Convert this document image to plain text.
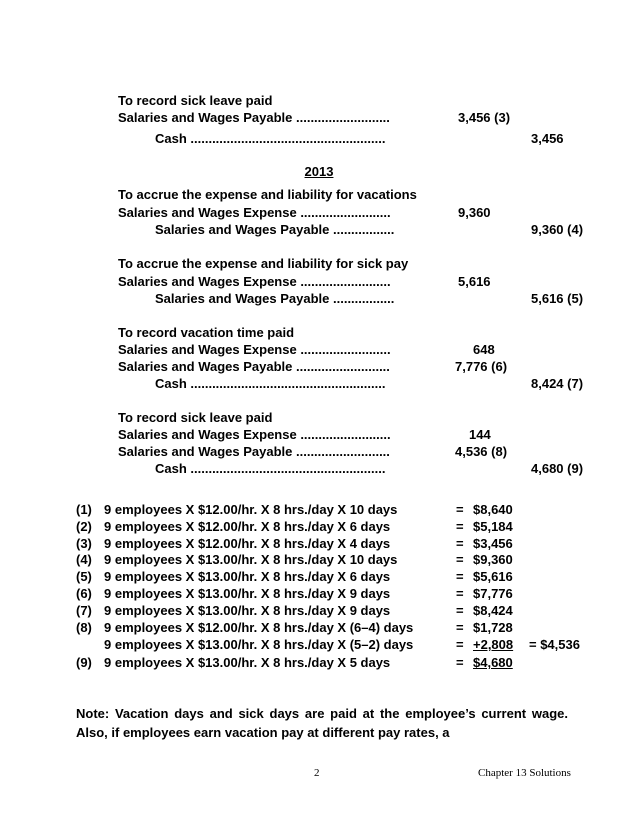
To record sick leave paid
Salaries and Wages Payable ..........................	3,456 (3)
Cash ......................................................	3,456
2013
To accrue the expense and liability for vacations
Salaries and Wages Expense .........................	9,360
Salaries and Wages Payable .................	9,360 (4)
To accrue the expense and liability for sick pay
Salaries and Wages Expense .........................	5,616
Salaries and Wages Payable .................	5,616 (5)
To record vacation time paid
Salaries and Wages Expense .........................	648
Salaries and Wages Payable ..........................	7,776 (6)
Cash ......................................................	8,424 (7)
To record sick leave paid
Salaries and Wages Expense .........................	144
Salaries and Wages Payable ..........................	4,536 (8)
Cash ......................................................	4,680 (9)
(1) 9 employees X $12.00/hr. X 8 hrs./day X 10 days	= $8,640
(2) 9 employees X $12.00/hr. X 8 hrs./day X 6 days	= $5,184
(3) 9 employees X $12.00/hr. X 8 hrs./day X 4 days	= $3,456
(4) 9 employees X $13.00/hr. X 8 hrs./day X 10 days	= $9,360
(5) 9 employees X $13.00/hr. X 8 hrs./day X 6 days	= $5,616
(6) 9 employees X $13.00/hr. X 8 hrs./day X 9 days	= $7,776
(7) 9 employees X $13.00/hr. X 8 hrs./day X 9 days	= $8,424
(8) 9 employees X $12.00/hr. X 8 hrs./day X (6–4) days	= $1,728
9 employees X $13.00/hr. X 8 hrs./day X (5–2) days	= +2,808 = $4,536
(9) 9 employees X $13.00/hr. X 8 hrs./day X 5 days	= $4,680
Note: Vacation days and sick days are paid at the employee’s current wage. Also, if employees earn vacation pay at different pay rates, a
2	Chapter 13 Solutions
